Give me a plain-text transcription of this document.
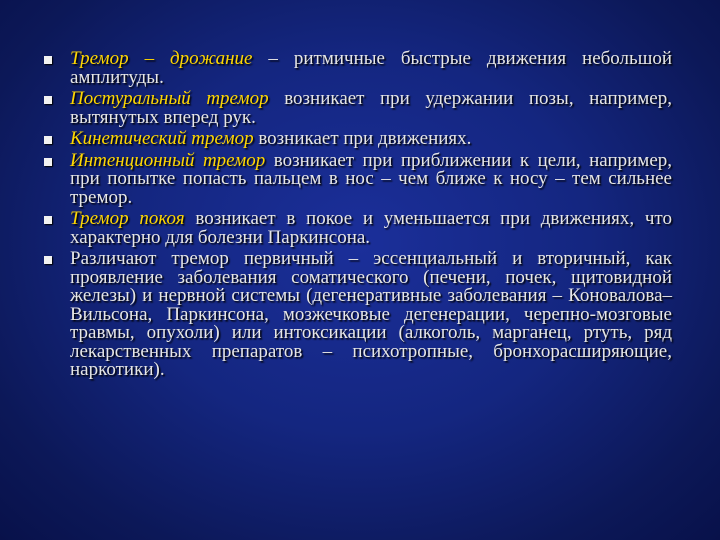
Тремор – дрожание – ритмичные быстрые движения небольшой амплитуды.
Постуральный тремор возникает при удержании позы, например, вытянутых вперед рук.
Кинетический тремор возникает при движениях.
Интенционный тремор возникает при приближении к цели, например, при попытке попасть пальцем в нос – чем ближе к носу – тем сильнее тремор.
Тремор покоя возникает в покое и уменьшается при движениях, что характерно для болезни Паркинсона.
Различают тремор первичный – эссенциальный и вторичный, как проявление заболевания соматического (печени, почек, щитовидной железы) и нервной системы (дегенеративные заболевания – Коновалова–Вильсона, Паркинсона, мозжечковые дегенерации, черепно-мозговые травмы, опухоли) или интоксикации (алкоголь, марганец, ртуть, ряд лекарственных препаратов – психотропные, бронхорасширяющие, наркотики).
